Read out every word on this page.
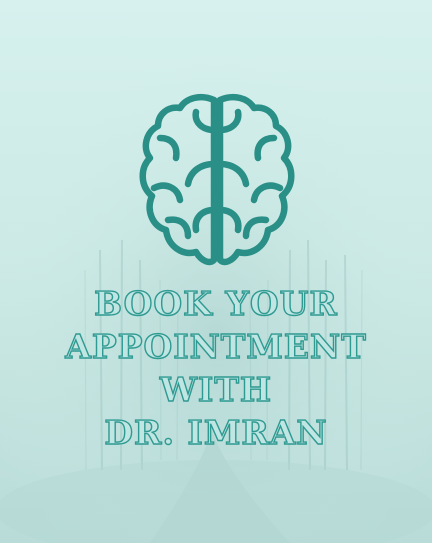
BOOK YOUR
APPOINTMENT
WITH
DR. IMRAN
